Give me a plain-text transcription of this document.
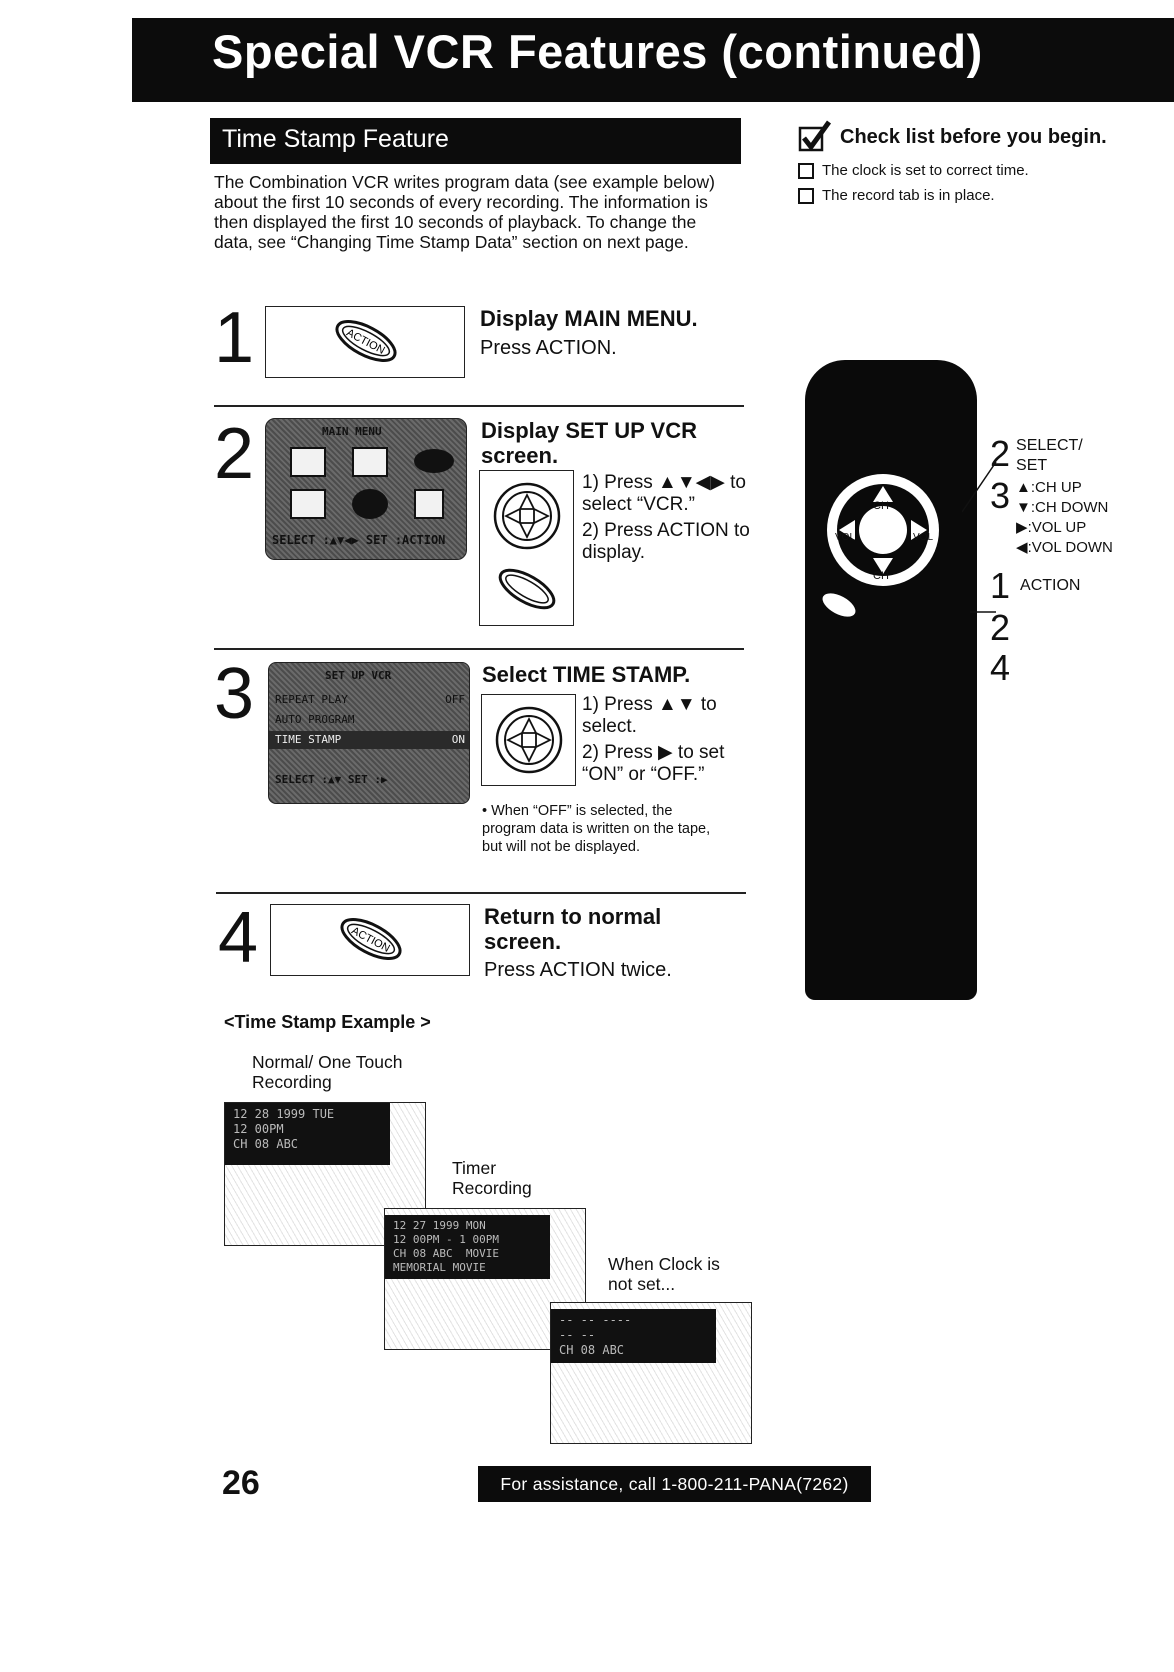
Special VCR Features (continued)
Time Stamp Feature
The Combination VCR writes program data (see example below) about the first 10 seconds of every recording. The information is then displayed the first 10 seconds of playback. To change the data, see “Changing Time Stamp Data” section on next page.
Check list before you begin.
The clock is set to correct time.
The record tab is in place.
1	ACTION
Display MAIN MENU.
Press ACTION.
2	MAIN MENU
SELECT :▲▼◀▶ SET :ACTION
Display SET UP VCR screen.
1) Press ▲▼◀▶ to select “VCR.”
2) Press ACTION to display.
3	SET UP VCR
REPEAT PLAY	OFF
AUTO PROGRAM
TIME STAMP	ON
SELECT :▲▼ SET :▶
Select TIME STAMP.
1) Press ▲▼ to select.
2) Press ▶ to set “ON” or “OFF.”
• When “OFF” is selected, the program data is written on the tape, but will not be displayed.
4	ACTION
Return to normal screen.
Press ACTION twice.
CH
CH
VOL	VOL
2 SELECT/
SET
3 ▲:CH UP
▼:CH DOWN
▶:VOL UP
◀:VOL DOWN
1 ACTION
2
4
<Time Stamp Example >
Normal/ One Touch Recording
12 28 1999 TUE
12 00PM
CH 08 ABC
Timer Recording
12 27 1999 MON
12 00PM - 1 00PM
CH 08 ABC  MOVIE
MEMORIAL MOVIE	When Clock is not set...
-- -- ----
-- --
CH 08 ABC
26	For assistance, call 1-800-211-PANA(7262)
